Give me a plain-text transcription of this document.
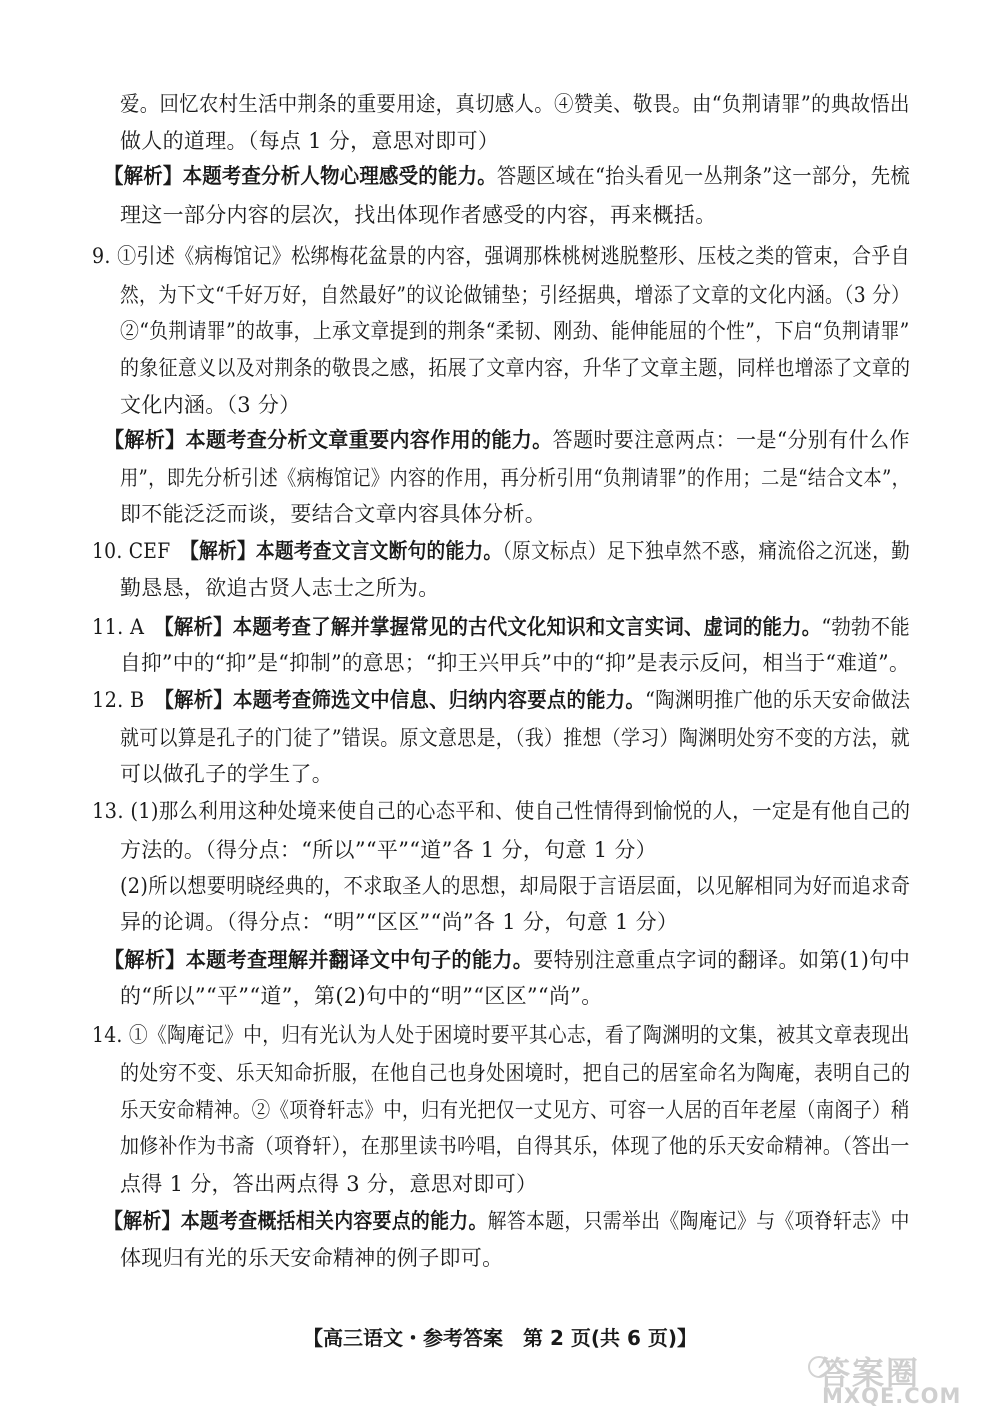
爱。回忆农村生活中荆条的重要用途，真切感人。④赞美、敬畏。由“负荆请罪”的典故悟出
做人的道理。（每点 1 分，意思对即可）
【解析】本题考查分析人物心理感受的能力。答题区域在“抬头看见一丛荆条”这一部分，先梳
理这一部分内容的层次，找出体现作者感受的内容，再来概括。
9. ①引述《病梅馆记》松绑梅花盆景的内容，强调那株桃树逃脱整形、压枝之类的管束，合乎自
然，为下文“千好万好，自然最好”的议论做铺垫；引经据典，增添了文章的文化内涵。（3 分）
②“负荆请罪”的故事，上承文章提到的荆条“柔韧、刚劲、能伸能屈的个性”，下启“负荆请罪”
的象征意义以及对荆条的敬畏之感，拓展了文章内容，升华了文章主题，同样也增添了文章的
文化内涵。（3 分）
【解析】本题考查分析文章重要内容作用的能力。答题时要注意两点：一是“分别有什么作
用”，即先分析引述《病梅馆记》内容的作用，再分析引用“负荆请罪”的作用；二是“结合文本”，
即不能泛泛而谈，要结合文章内容具体分析。
10. CEF　【解析】本题考查文言文断句的能力。（原文标点）足下独卓然不惑，痛流俗之沉迷，勤
勤恳恳，欲追古贤人志士之所为。
11. A　【解析】本题考查了解并掌握常见的古代文化知识和文言实词、虚词的能力。“勃勃不能
自抑”中的“抑”是“抑制”的意思；“抑王兴甲兵”中的“抑”是表示反问，相当于“难道”。
12. B　【解析】本题考查筛选文中信息、归纳内容要点的能力。“陶渊明推广他的乐天安命做法
就可以算是孔子的门徒了”错误。原文意思是，（我）推想（学习）陶渊明处穷不变的方法，就
可以做孔子的学生了。
13. (1)那么利用这种处境来使自己的心态平和、使自己性情得到愉悦的人，一定是有他自己的
方法的。（得分点：“所以”“平”“道”各 1 分，句意 1 分）
(2)所以想要明晓经典的，不求取圣人的思想，却局限于言语层面，以见解相同为好而追求奇
异的论调。（得分点：“明”“区区”“尚”各 1 分，句意 1 分）
【解析】本题考查理解并翻译文中句子的能力。要特别注意重点字词的翻译。如第(1)句中
的“所以”“平”“道”，第(2)句中的“明”“区区”“尚”。
14. ①《陶庵记》中，归有光认为人处于困境时要平其心志，看了陶渊明的文集，被其文章表现出
的处穷不变、乐天知命折服，在他自己也身处困境时，把自己的居室命名为陶庵，表明自己的
乐天安命精神。②《项脊轩志》中，归有光把仅一丈见方、可容一人居的百年老屋（南阁子）稍
加修补作为书斋（项脊轩），在那里读书吟唱，自得其乐，体现了他的乐天安命精神。（答出一
点得 1 分，答出两点得 3 分，意思对即可）
【解析】本题考查概括相关内容要点的能力。解答本题，只需举出《陶庵记》与《项脊轩志》中
体现归有光的乐天安命精神的例子即可。
【高三语文・参考答案　第 2 页(共 6 页)】
答案圈
MXQE.COM
